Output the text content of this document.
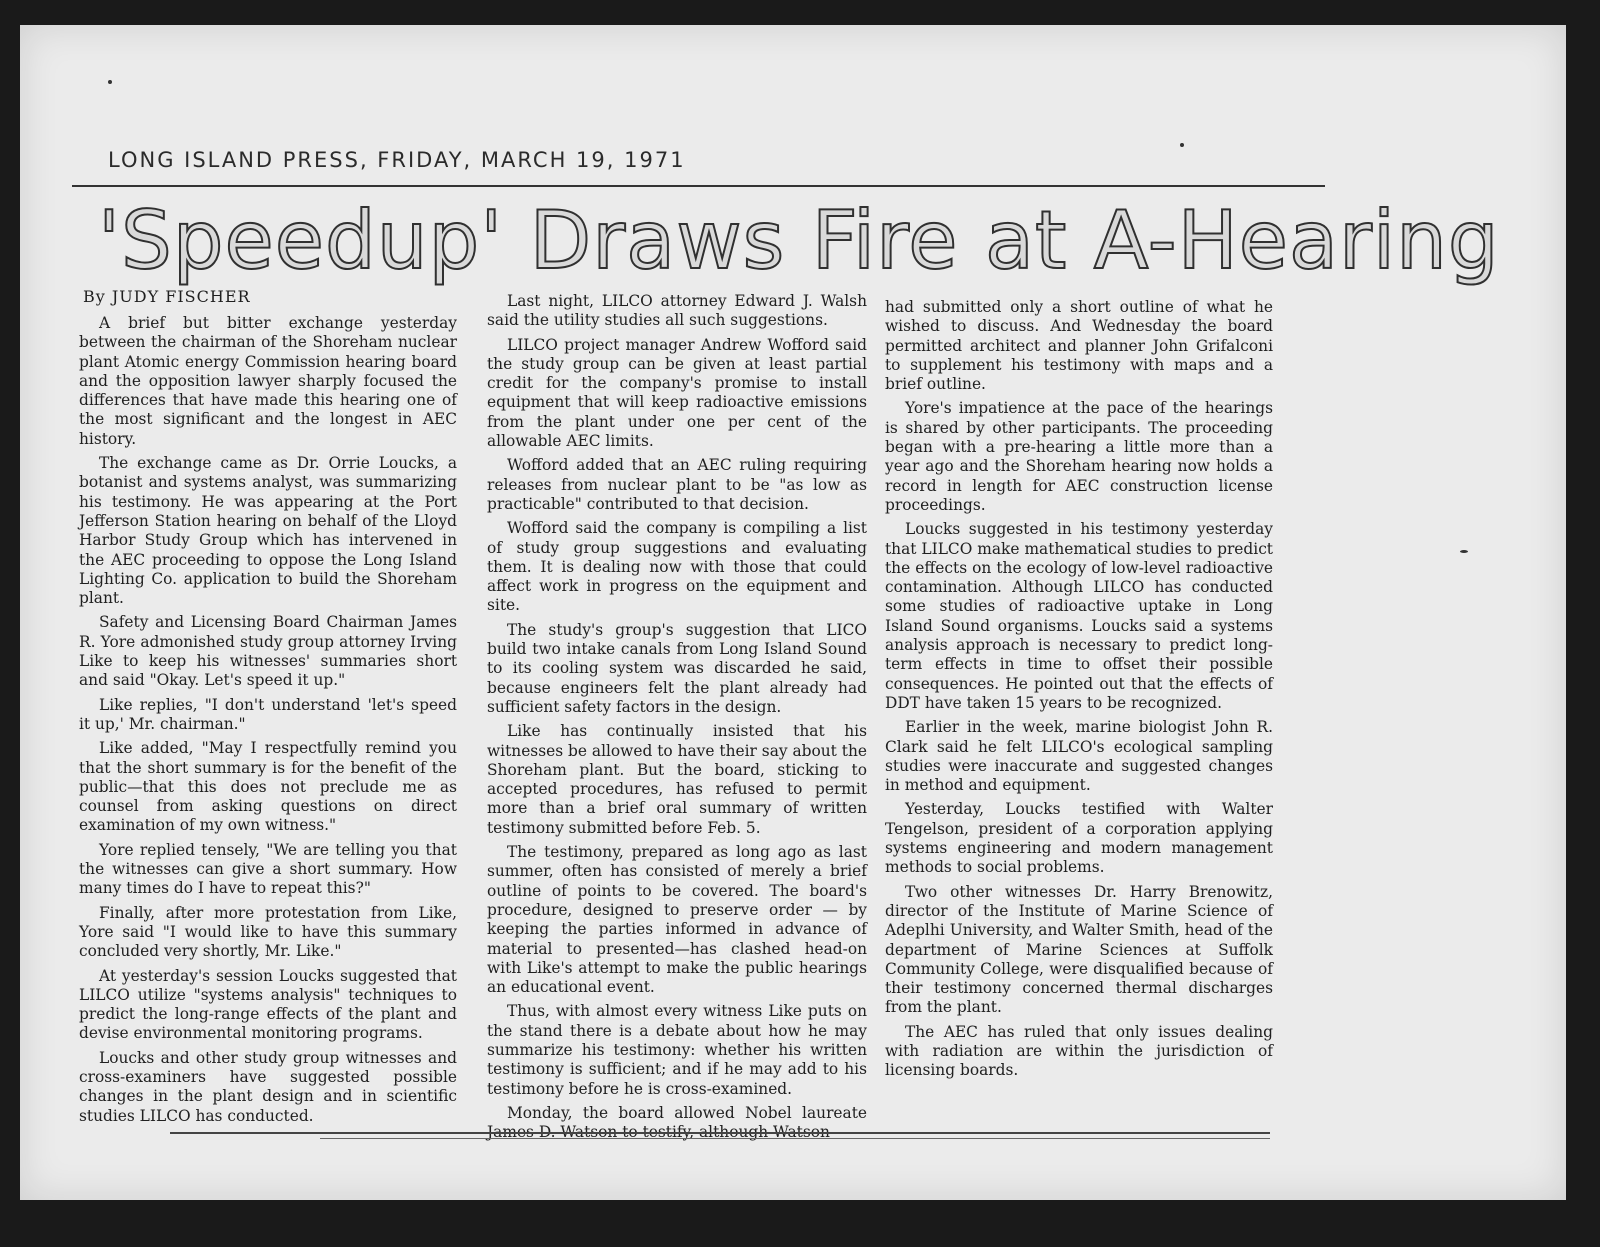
LONG ISLAND PRESS, FRIDAY, MARCH 19, 1971
'Speedup' Draws Fire at A-Hearing
By JUDY FISCHER

A brief but bitter exchange yesterday between the chairman of the Shoreham nuclear plant Atomic energy Commission hearing board and the opposition lawyer sharply focused the differences that have made this hearing one of the most significant and the longest in AEC history.

The exchange came as Dr. Orrie Loucks, a botanist and systems analyst, was summarizing his testimony. He was appearing at the Port Jefferson Station hearing on behalf of the Lloyd Harbor Study Group which has intervened in the AEC proceeding to oppose the Long Island Lighting Co. application to build the Shoreham plant.

Safety and Licensing Board Chairman James R. Yore admonished study group attorney Irving Like to keep his witnesses' summaries short and said "Okay. Let's speed it up."

Like replies, "I don't understand 'let's speed it up,' Mr. chairman."

Like added, "May I respectfully remind you that the short summary is for the benefit of the public—that this does not preclude me as counsel from asking questions on direct examination of my own witness."

Yore replied tensely, "We are telling you that the witnesses can give a short summary. How many times do I have to repeat this?"

Finally, after more protestation from Like, Yore said "I would like to have this summary concluded very shortly, Mr. Like."

At yesterday's session Loucks suggested that LILCO utilize "systems analysis" techniques to predict the long-range effects of the plant and devise environmental monitoring programs.

Loucks and other study group witnesses and cross-examiners have suggested possible changes in the plant design and in scientific studies LILCO has conducted.

Last night, LILCO attorney Edward J. Walsh said the utility studies all such suggestions.

LILCO project manager Andrew Wofford said the study group can be given at least partial credit for the company's promise to install equipment that will keep radioactive emissions from the plant under one per cent of the allowable AEC limits.

Wofford added that an AEC ruling requiring releases from nuclear plant to be "as low as practicable" contributed to that decision.

Wofford said the company is compiling a list of study group suggestions and evaluating them. It is dealing now with those that could affect work in progress on the equipment and site.

The study's group's suggestion that LICO build two intake canals from Long Island Sound to its cooling system was discarded he said, because engineers felt the plant already had sufficient safety factors in the design.

Like has continually insisted that his witnesses be allowed to have their say about the Shoreham plant. But the board, sticking to accepted procedures, has refused to permit more than a brief oral summary of written testimony submitted before Feb. 5.

The testimony, prepared as long ago as last summer, often has consisted of merely a brief outline of points to be covered. The board's procedure, designed to preserve order — by keeping the parties informed in advance of material to presented—has clashed head-on with Like's attempt to make the public hearings an educational event.

Thus, with almost every witness Like puts on the stand there is a debate about how he may summarize his testimony: whether his written testimony is sufficient; and if he may add to his testimony before he is cross-examined.

Monday, the board allowed Nobel laureate James D. Watson to testify, although Watson

had submitted only a short outline of what he wished to discuss. And Wednesday the board permitted architect and planner John Grifalconi to supplement his testimony with maps and a brief outline.

Yore's impatience at the pace of the hearings is shared by other participants. The proceeding began with a pre-hearing a little more than a year ago and the Shoreham hearing now holds a record in length for AEC construction license proceedings.

Loucks suggested in his testimony yesterday that LILCO make mathematical studies to predict the effects on the ecology of low-level radioactive contamination. Although LILCO has conducted some studies of radioactive uptake in Long Island Sound organisms. Loucks said a systems analysis approach is necessary to predict long-term effects in time to offset their possible consequences. He pointed out that the effects of DDT have taken 15 years to be recognized.

Earlier in the week, marine biologist John R. Clark said he felt LILCO's ecological sampling studies were inaccurate and suggested changes in method and equipment.

Yesterday, Loucks testified with Walter Tengelson, president of a corporation applying systems engineering and modern management methods to social problems.

Two other witnesses Dr. Harry Brenowitz, director of the Institute of Marine Science of Adeplhi University, and Walter Smith, head of the department of Marine Sciences at Suffolk Community College, were disqualified because of their testimony concerned thermal discharges from the plant.

The AEC has ruled that only issues dealing with radiation are within the jurisdiction of licensing boards.
